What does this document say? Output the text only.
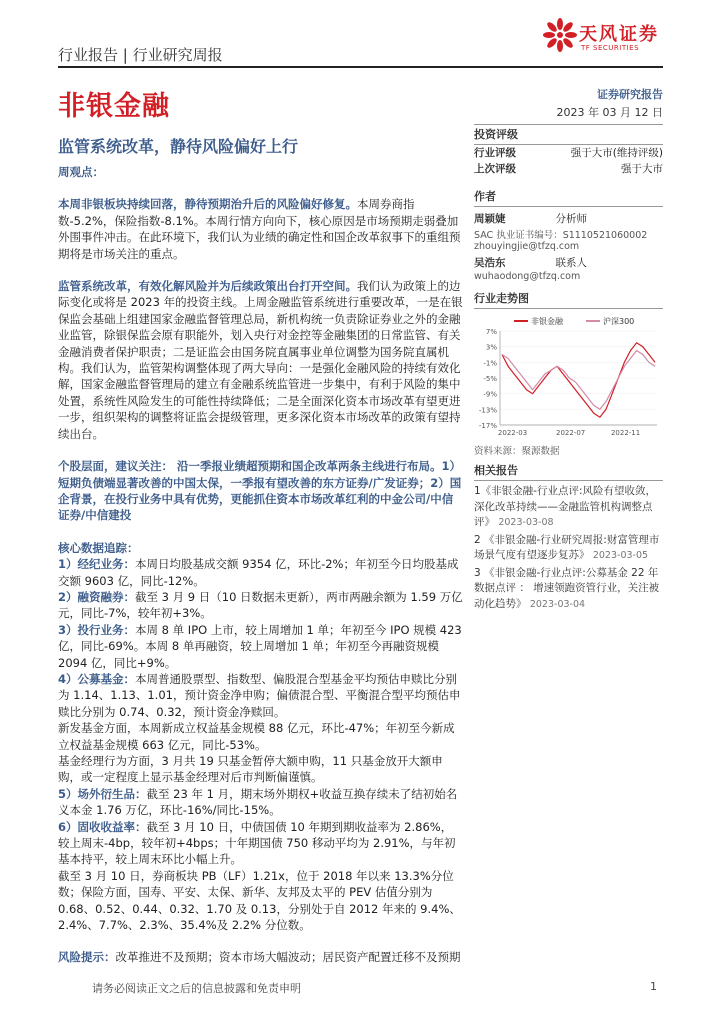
行业报告 | 行业研究周报
天风证券
TF SECURITIES
非银金融	证券研究报告
2023 年 03 月 12 日
监管系统改革，静待风险偏好上行

周观点：

本周非银板块持续回落，静待预期治升后的风险偏好修复。本周券商指数-5.2%，保险指数-8.1%。本周行情方向向下，核心原因是市场预期走弱叠加外围事件冲击。在此环境下，我们认为业绩的确定性和国企改革叙事下的重组预期将是市场关注的重点。

监管系统改革，有效化解风险并为后续政策出台打开空间。我们认为政策上的边际变化或将是 2023 年的投资主线。上周金融监管系统进行重要改革，一是在银保监会基础上组建国家金融监督管理总局，新机构统一负责除证券业之外的金融业监管，除银保监会原有职能外，划入央行对金控等金融集团的日常监管、有关金融消费者保护职责；二是证监会由国务院直属事业单位调整为国务院直属机构。我们认为，监管架构调整体现了两大导向：一是强化金融风险的持续有效化解，国家金融监督管理局的建立有金融系统监管进一步集中，有利于风险的集中处置，系统性风险发生的可能性持续降低；二是全面深化资本市场改革有望更进一步，组织架构的调整将证监会提级管理，更多深化资本市场改革的政策有望持续出台。

个股层面，建议关注： 沿一季报业绩超预期和国企改革两条主线进行布局。1）短期负债端显著改善的中国太保，一季报有望改善的东方证券/广发证券；2）国企背景，在投行业务中具有优势，更能抓住资本市场改革红利的中金公司/中信证券/中信建投

核心数据追踪：

1）经纪业务：本周日均股基成交额 9354 亿，环比-2%；年初至今日均股基成交额 9603 亿，同比-12%。

2）融资融券：截至 3 月 9 日（10 日数据未更新），两市两融余额为 1.59 万亿元，同比-7%，较年初+3%。

3）投行业务：本周 8 单 IPO 上市，较上周增加 1 单；年初至今 IPO 规模 423 亿，同比-69%。本周 8 单再融资，较上周增加 1 单；年初至今再融资规模 2094 亿，同比+9%。

4）公募基金：本周普通股票型、指数型、偏股混合型基金平均预估申赎比分别为 1.14、1.13、1.01，预计资金净申购；偏债混合型、平衡混合型平均预估申赎比分别为 0.74、0.32，预计资金净赎回。

新发基金方面，本周新成立权益基金规模 88 亿元，环比-47%；年初至今新成立权益基金规模 663 亿元，同比-53%。

基金经理行为方面，3 月共 19 只基金暂停大额申购，11 只基金放开大额申购，或一定程度上显示基金经理对后市判断偏谨慎。

5）场外衍生品：截至 23 年 1 月，期末场外期权+收益互换存续未了结初始名义本金 1.76 万亿，环比-16%/同比-15%。

6）固收收益率：截至 3 月 10 日，中债国债 10 年期到期收益率为 2.86%，较上周末-4bp，较年初+4bps；十年期国债 750 移动平均为 2.91%，与年初基本持平，较上周末环比小幅上升。

截至 3 月 10 日，券商板块 PB（LF）1.21x，位于 2018 年以来 13.3%分位数；保险方面，国寿、平安、太保、新华、友邦及太平的 PEV 估值分别为 0.68、0.52、0.44、0.32、1.70 及 0.13，分别处于自 2012 年来的 9.4%、2.4%、7.7%、2.3%、35.4%及 2.2% 分位数。

风险提示：改革推进不及预期；资本市场大幅波动；居民资产配置迁移不及预期

投资评级
行业评级	强于大市(维持评级)
上次评级	强于大市
作者
周颖婕	分析师
SAC 执业证书编号：S1110521060002
zhouyingjie@tfzq.com
吴浩东	联系人
wuhaodong@tfzq.com
行业走势图
非银金融	沪深300
7%
3%
-1%
-5%
-9%
-13%
-17%
2022-03	2022-07	2022-11
资料来源：聚源数据
相关报告
1《非银金融-行业点评:风险有望收敛，深化改革持续——金融监管机构调整点评》 2023-03-08
2 《非银金融-行业研究周报:财富管理市场景气度有望逐步复苏》 2023-03-05
3 《非银金融-行业点评:公募基金 22 年数据点评 ： 增速领跑资管行业，关注被动化趋势》 2023-03-04
请务必阅读正文之后的信息披露和免责申明	1
